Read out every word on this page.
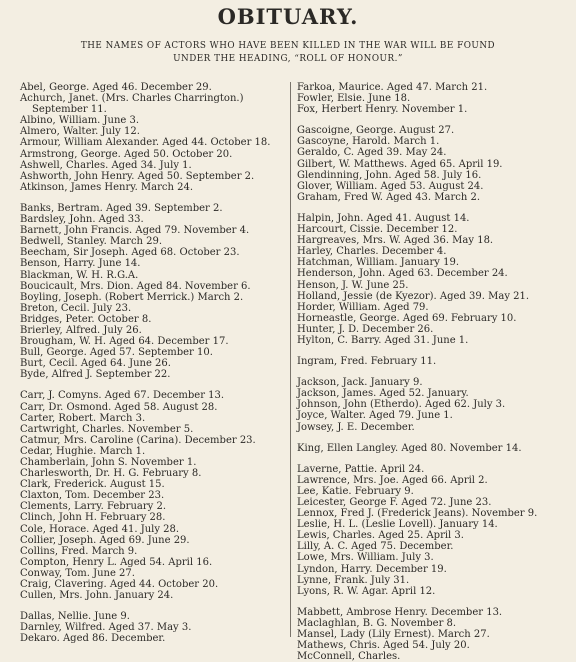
OBITUARY.
THE NAMES OF ACTORS WHO HAVE BEEN KILLED IN THE WAR WILL BE FOUND
UNDER THE HEADING, “ROLL OF HONOUR.”
Abel, George. Aged 46. December 29.
Achurch, Janet. (Mrs. Charles Charrington.) September 11.
Albino, William. June 3.
Almero, Walter. July 12.
Armour, William Alexander. Aged 44. October 18.
Armstrong, George. Aged 50. October 20.
Ashwell, Charles. Aged 34. July 1.
Ashworth, John Henry. Aged 50. September 2.
Atkinson, James Henry. March 24.
Banks, Bertram. Aged 39. September 2.
Bardsley, John. Aged 33.
Barnett, John Francis. Aged 79. November 4.
Bedwell, Stanley. March 29.
Beecham, Sir Joseph. Aged 68. October 23.
Benson, Harry. June 14.
Blackman, W. H. R.G.A.
Boucicault, Mrs. Dion. Aged 84. November 6.
Boyling, Joseph. (Robert Merrick.) March 2.
Breton, Cecil. July 23.
Bridges, Peter. October 8.
Brierley, Alfred. July 26.
Brougham, W. H. Aged 64. December 17.
Bull, George. Aged 57. September 10.
Burt, Cecil. Aged 64. June 26.
Byde, Alfred J. September 22.
Carr, J. Comyns. Aged 67. December 13.
Carr, Dr. Osmond. Aged 58. August 28.
Carter, Robert. March 3.
Cartwright, Charles. November 5.
Catmur, Mrs. Caroline (Carina). December 23.
Cedar, Hughie. March 1.
Chamberlain, John S. November 1.
Charlesworth, Dr. H. G. February 8.
Clark, Frederick. August 15.
Claxton, Tom. December 23.
Clements, Larry. February 2.
Clinch, John H. February 28.
Cole, Horace. Aged 41. July 28.
Collier, Joseph. Aged 69. June 29.
Collins, Fred. March 9.
Compton, Henry L. Aged 54. April 16.
Conway, Tom. June 27.
Craig, Clavering. Aged 44. October 20.
Cullen, Mrs. John. January 24.
Dallas, Nellie. June 9.
Darnley, Wilfred. Aged 37. May 3.
Dekaro. Aged 86. December.
Farkoa, Maurice. Aged 47. March 21.
Fowler, Elsie. June 18.
Fox, Herbert Henry. November 1.
Gascoigne, George. August 27.
Gascoyne, Harold. March 1.
Geraldo, C. Aged 39. May 24.
Gilbert, W. Matthews. Aged 65. April 19.
Glendinning, John. Aged 58. July 16.
Glover, William. Aged 53. August 24.
Graham, Fred W. Aged 43. March 2.
Halpin, John. Aged 41. August 14.
Harcourt, Cissie. December 12.
Hargreaves, Mrs. W. Aged 36. May 18.
Harley, Charles. December 4.
Hatchman, William. January 19.
Henderson, John. Aged 63. December 24.
Henson, J. W. June 25.
Holland, Jessie (de Kyezor). Aged 39. May 21.
Horder, William. Aged 79.
Horneastle, George. Aged 69. February 10.
Hunter, J. D. December 26.
Hylton, C. Barry. Aged 31. June 1.
Ingram, Fred. February 11.
Jackson, Jack. January 9.
Jackson, James. Aged 52. January.
Johnson, John (Etherdo). Aged 62. July 3.
Joyce, Walter. Aged 79. June 1.
Jowsey, J. E. December.
King, Ellen Langley. Aged 80. November 14.
Laverne, Pattie. April 24.
Lawrence, Mrs. Joe. Aged 66. April 2.
Lee, Katie. February 9.
Leicester, George F. Aged 72. June 23.
Lennox, Fred J. (Frederick Jeans). November 9.
Leslie, H. L. (Leslie Lovell). January 14.
Lewis, Charles. Aged 25. April 3.
Lilly, A. C. Aged 75. December.
Lowe, Mrs. William. July 3.
Lyndon, Harry. December 19.
Lynne, Frank. July 31.
Lyons, R. W. Agar. April 12.
Mabbett, Ambrose Henry. December 13.
Maclaghlan, B. G. November 8.
Mansel, Lady (Lily Ernest). March 27.
Mathews, Chris. Aged 54. July 20.
McConnell, Charles.
